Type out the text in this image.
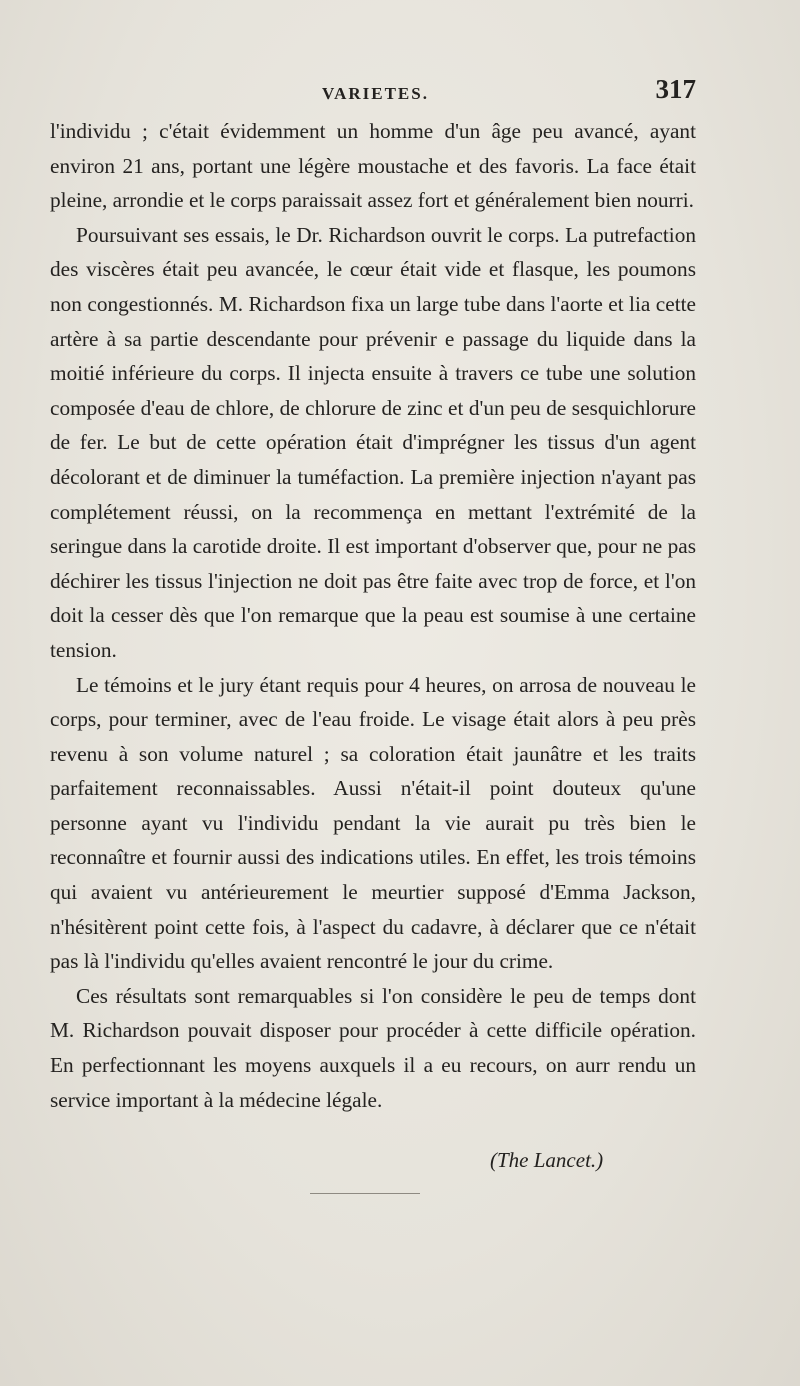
VARIETES.	317

l'individu ; c'était évidemment un homme d'un âge peu avancé, ayant environ 21 ans, portant une légère moustache et des favoris. La face était pleine, arrondie et le corps paraissait assez fort et généralement bien nourri.

Poursuivant ses essais, le Dr. Richardson ouvrit le corps. La putrefaction des viscères était peu avancée, le cœur était vide et flasque, les poumons non congestionnés. M. Richardson fixa un large tube dans l'aorte et lia cette artère à sa partie descendante pour prévenir e passage du liquide dans la moitié inférieure du corps. Il injecta ensuite à travers ce tube une solution composée d'eau de chlore, de chlorure de zinc et d'un peu de sesquichlorure de fer. Le but de cette opération était d'imprégner les tissus d'un agent décolorant et de diminuer la tuméfaction. La première injection n'ayant pas complétement réussi, on la recommença en mettant l'extrémité de la seringue dans la carotide droite. Il est important d'observer que, pour ne pas déchirer les tissus l'injection ne doit pas être faite avec trop de force, et l'on doit la cesser dès que l'on remarque que la peau est soumise à une certaine tension.

Le témoins et le jury étant requis pour 4 heures, on arrosa de nouveau le corps, pour terminer, avec de l'eau froide. Le visage était alors à peu près revenu à son volume naturel ; sa coloration était jaunâtre et les traits parfaitement reconnaissables. Aussi n'était-il point douteux qu'une personne ayant vu l'individu pendant la vie aurait pu très bien le reconnaître et fournir aussi des indications utiles. En effet, les trois témoins qui avaient vu antérieurement le meurtier supposé d'Emma Jackson, n'hésitèrent point cette fois, à l'aspect du cadavre, à déclarer que ce n'était pas là l'individu qu'elles avaient rencontré le jour du crime.

Ces résultats sont remarquables si l'on considère le peu de temps dont M. Richardson pouvait disposer pour procéder à cette difficile opération. En perfectionnant les moyens auxquels il a eu recours, on aurr rendu un service important à la médecine légale.

(The Lancet.)
